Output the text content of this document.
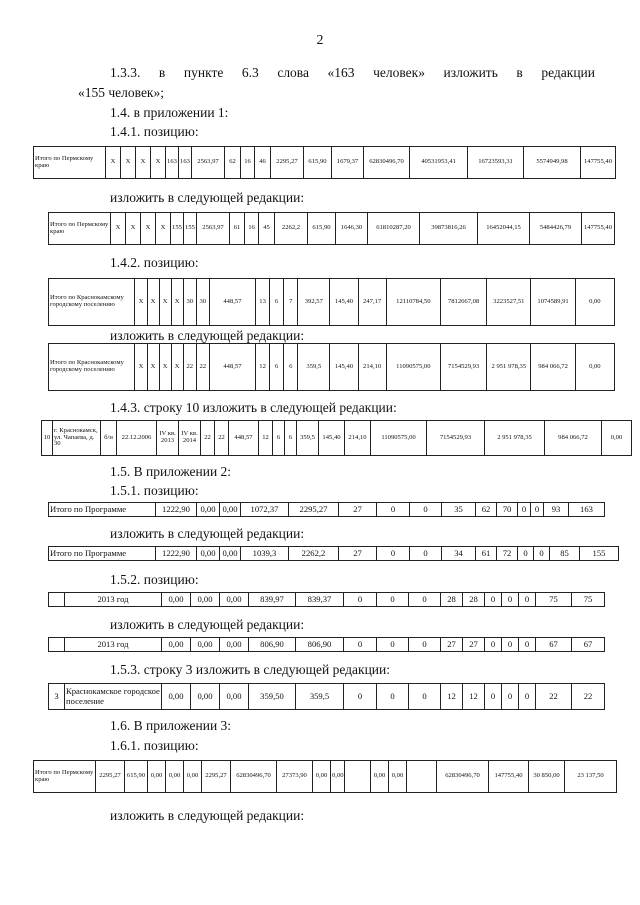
2
1.3.3. в пункте 6.3 слова «163 человек» изложить в редакции
«155 человек»;
1.4. в приложении 1:
1.4.1. позицию:
Итого по Пермскому краю	X	X	X	X	163	163	2563,97	62	16	46	2295,27	615,90	1679,37	62830496,70	40531953,41	16723593,31	5574949,98	147755,40
изложить в следующей редакции:
Итого по Пермскому краю	X	X	X	X	155	155	2563,97	61	16	45	2262,2	615,90	1646,30	61810287,20	39873816,26	16452044,15	5484426,79	147755,40
1.4.2. позицию:
Итого по Краснокамскому городскому поселению	X	X	X	X	30	30	448,57	13	6	7	392,57	145,40	247,17	12110784,50	7812667,08	3223527,51	1074589,91	0,00
изложить в следующей редакции:
Итого по Краснокамскому городскому поселению	X	X	X	X	22	22	448,57	12	6	6	359,5	145,40	214,10	11090575,00	7154529,93	2 951 978,35	984 066,72	0,00
1.4.3. строку 10 изложить в следующей редакции:
10	г. Краснокамск, ул. Чапаева, д. 30	б/н	22.12.2006	IV кв. 2013	IV кв. 2014	22	22	448,57	12	6	6	359,5	145,40	214,10	11090575,00	7154529,93	2 951 978,35	984 066,72	0,00
1.5. В приложении 2:
1.5.1. позицию:
Итого по Программе	1222,90	0,00	0,00	1072,37	2295,27	27	0	0	35	62	70	0	0	93	163
изложить в следующей редакции:
Итого по Программе	1222,90	0,00	0,00	1039,3	2262,2	27	0	0	34	61	72	0	0	85	155
1.5.2. позицию:
	2013 год	0,00	0,00	0,00	839,97	839,37	0	0	0	28	28	0	0	0	75	75
изложить в следующей редакции:
	2013 год	0,00	0,00	0,00	806,90	806,90	0	0	0	27	27	0	0	0	67	67
1.5.3. строку 3 изложить в следующей редакции:
3	Краснокамское городское поселение	0,00	0,00	0,00	359,50	359,5	0	0	0	12	12	0	0	0	22	22
1.6. В приложении 3:
1.6.1. позицию:
Итого по Пермскому краю	2295,27	615,90	0,00	0,00	0,00	2295,27	62830496,70	27373,90	0,00	0,00		0,00	0,00		62830496,70	147755,40	30 850,00	23 137,50
изложить в следующей редакции:
